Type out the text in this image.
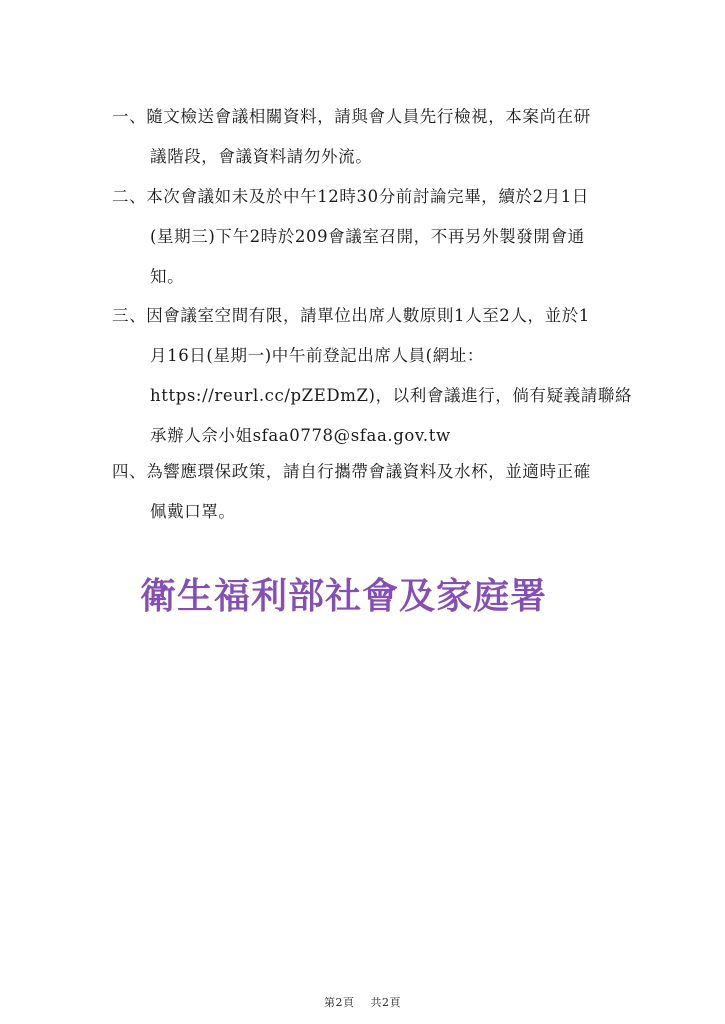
一、隨文檢送會議相關資料，請與會人員先行檢視，本案尚在研
議階段，會議資料請勿外流。
二、本次會議如未及於中午12時30分前討論完畢，續於2月1日
(星期三)下午2時於209會議室召開，不再另外製發開會通
知。
三、因會議室空間有限，請單位出席人數原則1人至2人，並於1
月16日(星期一)中午前登記出席人員(網址：
https://reurl.cc/pZEDmZ)，以利會議進行，倘有疑義請聯絡
承辦人佘小姐sfaa0778@sfaa.gov.tw
四、為響應環保政策，請自行攜帶會議資料及水杯，並適時正確
佩戴口罩。
衛生福利部社會及家庭署
第2頁 共2頁
